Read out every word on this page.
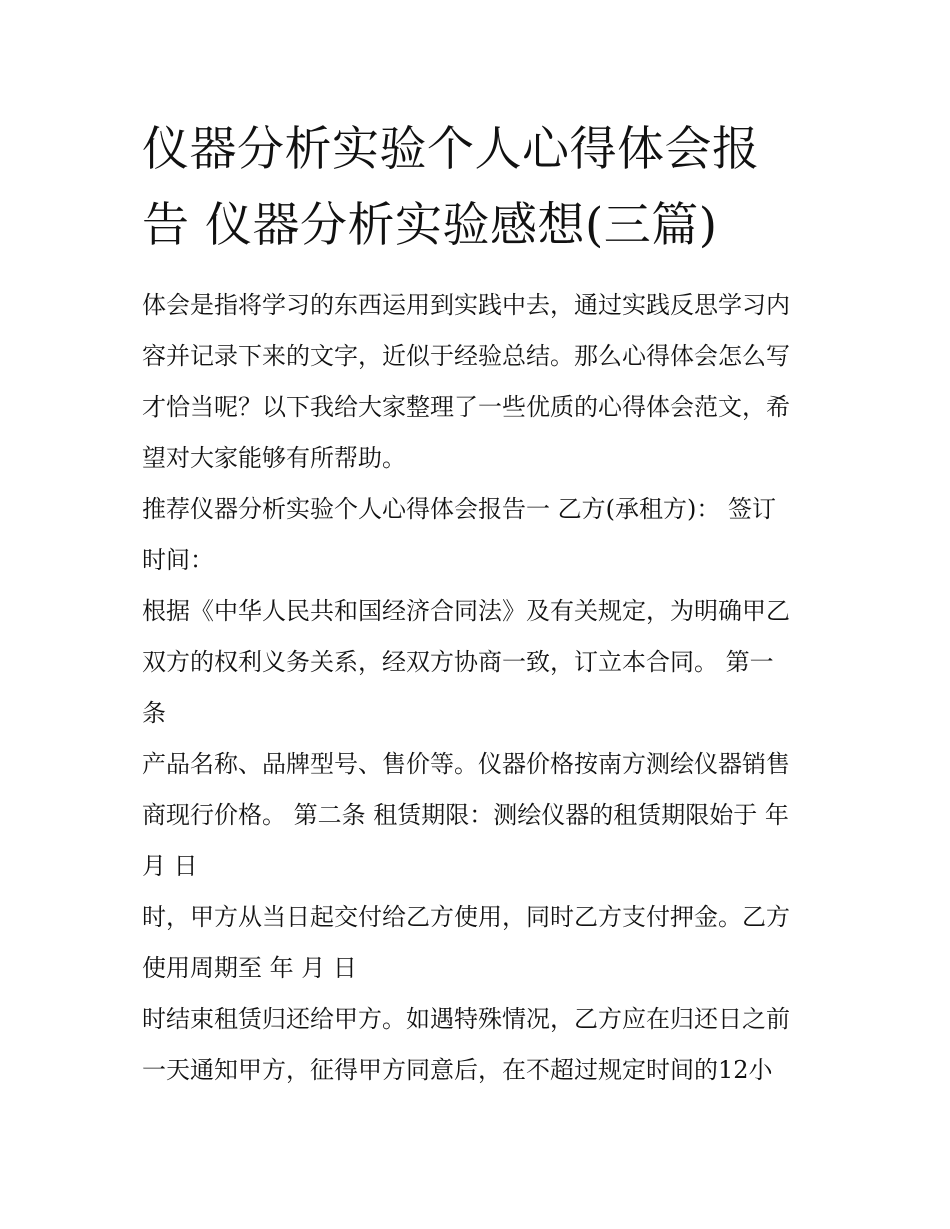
仪器分析实验个人心得体会报
告 仪器分析实验感想(三篇)
体会是指将学习的东西运用到实践中去，通过实践反思学习内
容并记录下来的文字，近似于经验总结。那么心得体会怎么写
才恰当呢？以下我给大家整理了一些优质的心得体会范文，希
望对大家能够有所帮助。
推荐仪器分析实验个人心得体会报告一 乙方(承租方)： 签订
时间：
根据《中华人民共和国经济合同法》及有关规定，为明确甲乙
双方的权利义务关系，经双方协商一致，订立本合同。 第一
条
产品名称、品牌型号、售价等。仪器价格按南方测绘仪器销售
商现行价格。 第二条 租赁期限：测绘仪器的租赁期限始于 年
月 日
时，甲方从当日起交付给乙方使用，同时乙方支付押金。乙方
使用周期至 年 月 日
时结束租赁归还给甲方。如遇特殊情况，乙方应在归还日之前
一天通知甲方，征得甲方同意后，在不超过规定时间的12小
